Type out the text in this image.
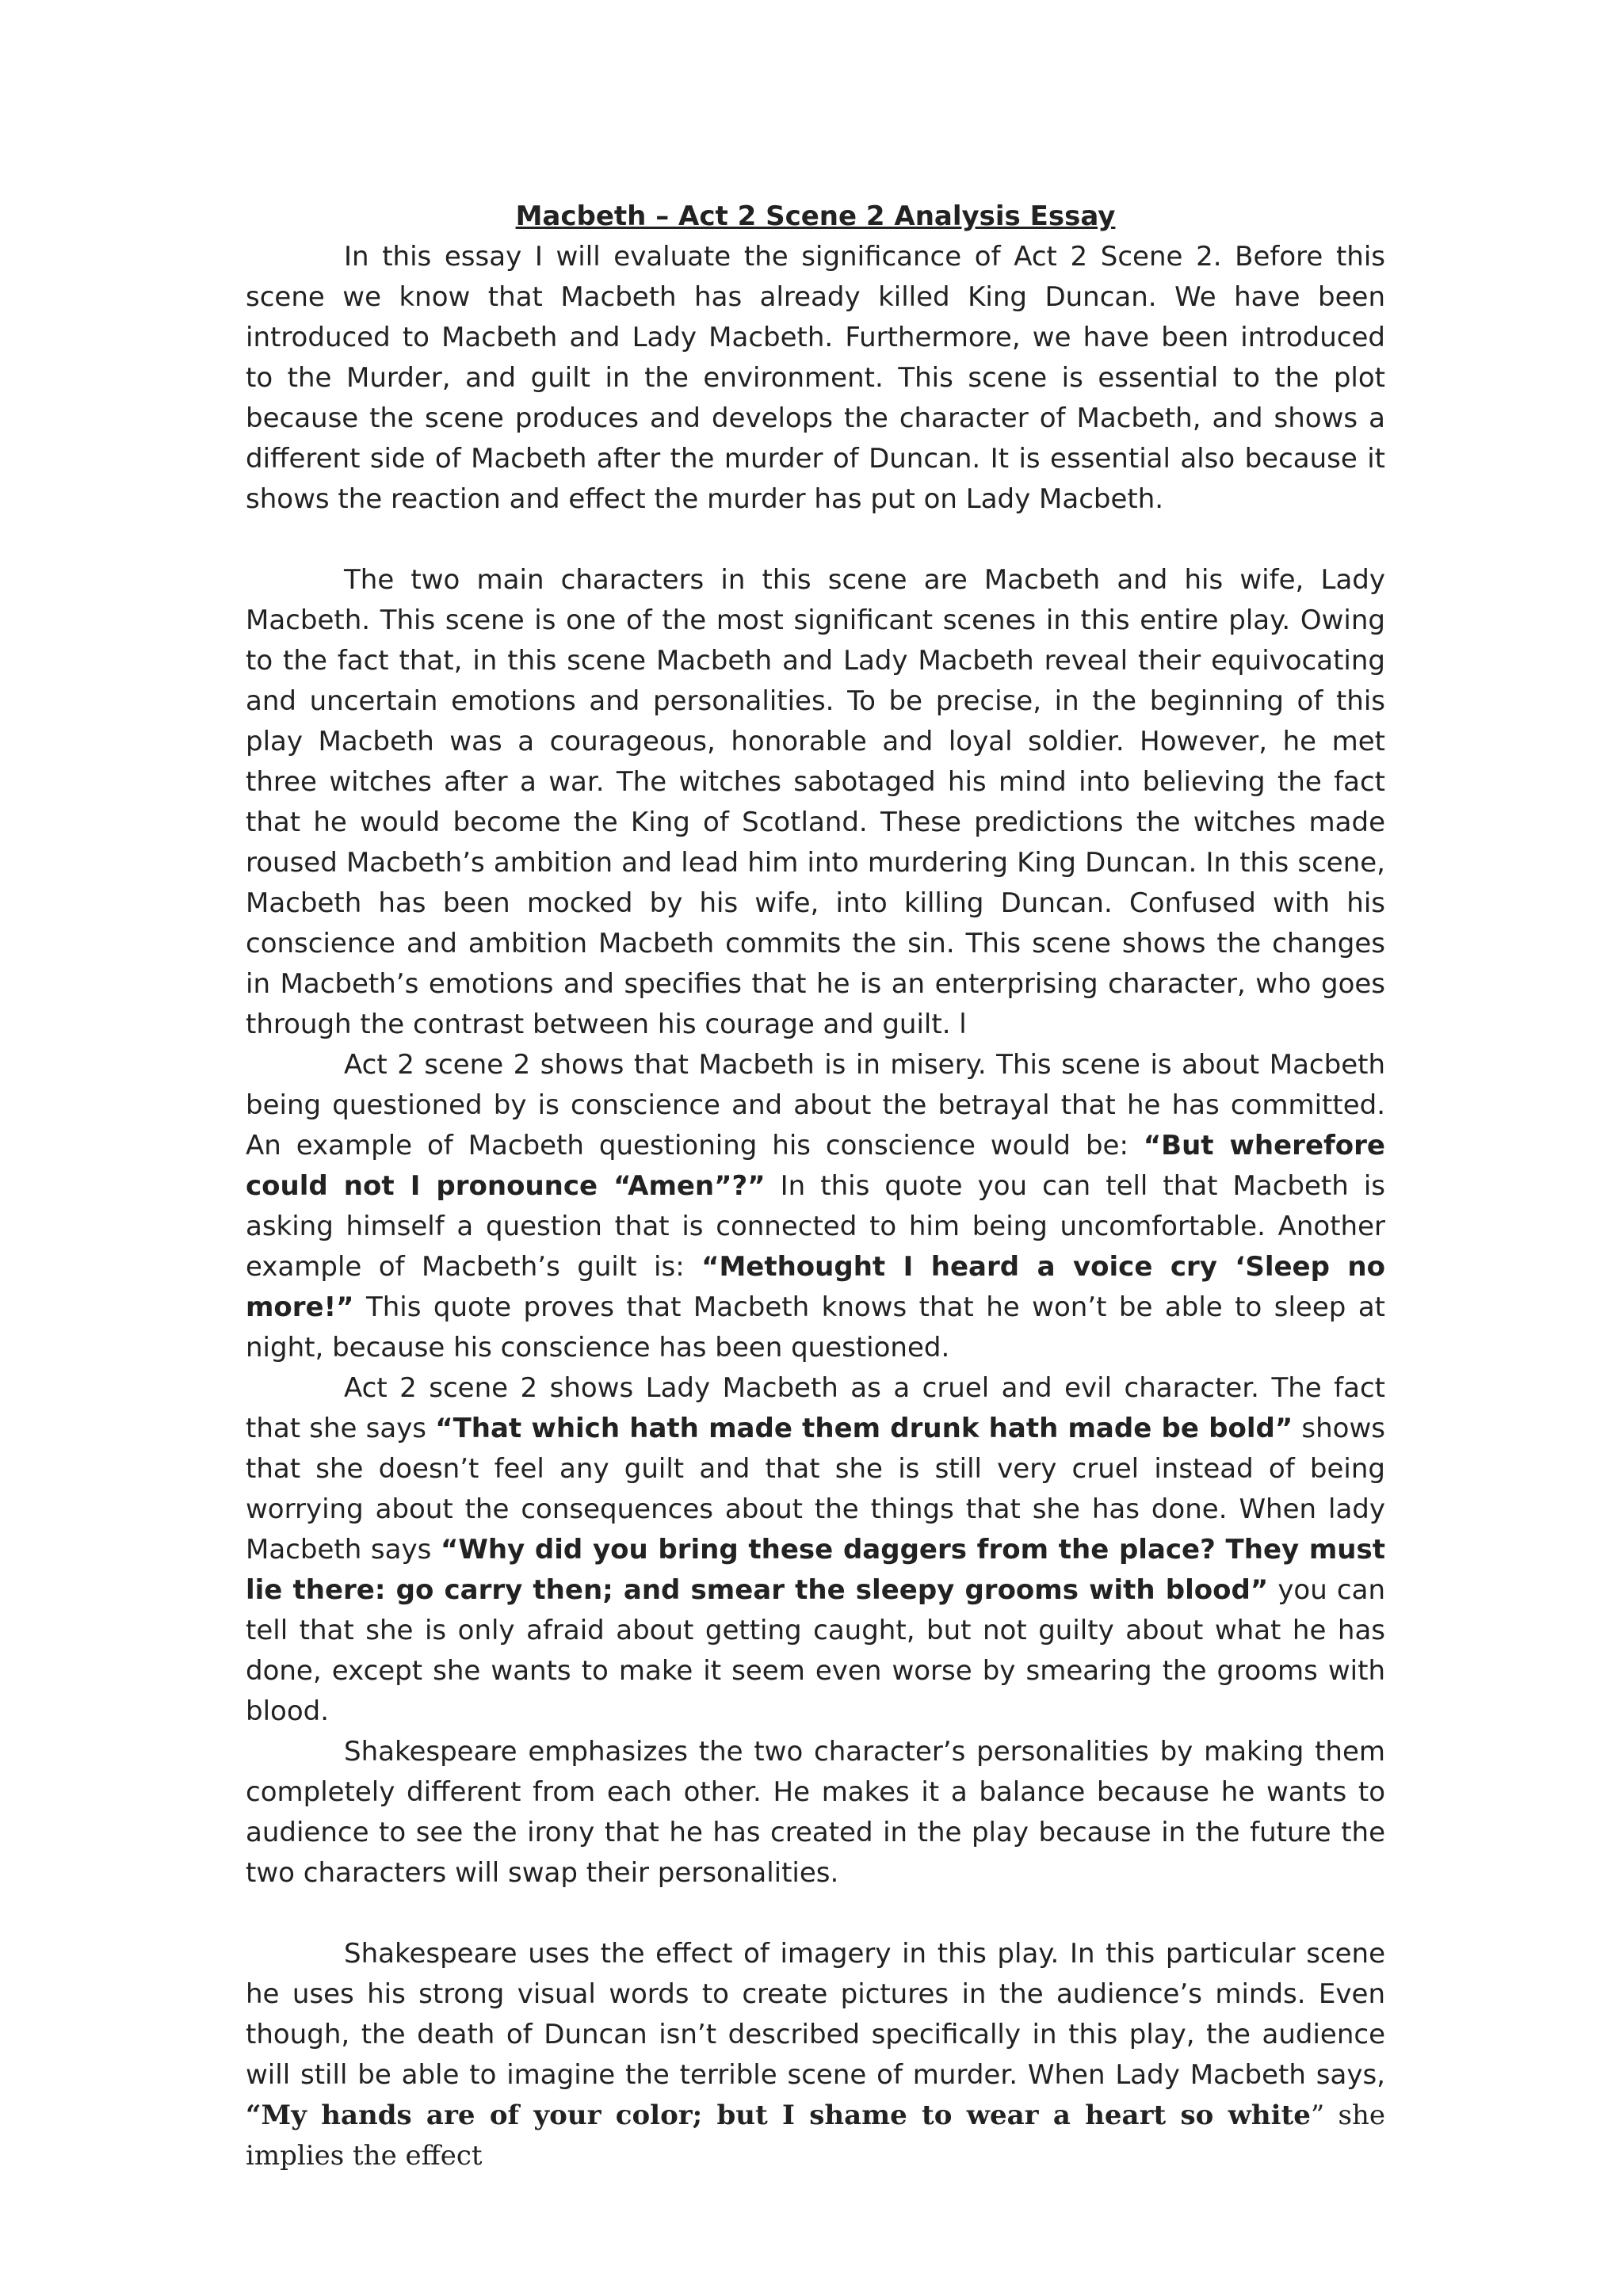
Macbeth – Act 2 Scene 2 Analysis Essay

In this essay I will evaluate the significance of Act 2 Scene 2. Before this scene we know that Macbeth has already killed King Duncan. We have been introduced to Macbeth and Lady Macbeth. Furthermore, we have been introduced to the Murder, and guilt in the environment. This scene is essential to the plot because the scene produces and develops the character of Macbeth, and shows a different side of Macbeth after the murder of Duncan. It is essential also because it shows the reaction and effect the murder has put on Lady Macbeth.

The two main characters in this scene are Macbeth and his wife, Lady Macbeth. This scene is one of the most significant scenes in this entire play. Owing to the fact that, in this scene Macbeth and Lady Macbeth reveal their equivocating and uncertain emotions and personalities. To be precise, in the beginning of this play Macbeth was a courageous, honorable and loyal soldier. However, he met three witches after a war. The witches sabotaged his mind into believing the fact that he would become the King of Scotland. These predictions the witches made roused Macbeth’s ambition and lead him into murdering King Duncan. In this scene, Macbeth has been mocked by his wife, into killing Duncan. Confused with his conscience and ambition Macbeth commits the sin. This scene shows the changes in Macbeth’s emotions and specifies that he is an enterprising character, who goes through the contrast between his courage and guilt. l

Act 2 scene 2 shows that Macbeth is in misery. This scene is about Macbeth being questioned by is conscience and about the betrayal that he has committed. An example of Macbeth questioning his conscience would be: “But wherefore could not I pronounce “Amen”?” In this quote you can tell that Macbeth is asking himself a question that is connected to him being uncomfortable. Another example of Macbeth’s guilt is: “Methought I heard a voice cry ‘Sleep no more!” This quote proves that Macbeth knows that he won’t be able to sleep at night, because his conscience has been questioned.

Act 2 scene 2 shows Lady Macbeth as a cruel and evil character. The fact that she says “That which hath made them drunk hath made be bold” shows that she doesn’t feel any guilt and that she is still very cruel instead of being worrying about the consequences about the things that she has done. When lady Macbeth says “Why did you bring these daggers from the place? They must lie there: go carry then; and smear the sleepy grooms with blood” you can tell that she is only afraid about getting caught, but not guilty about what he has done, except she wants to make it seem even worse by smearing the grooms with blood.

Shakespeare emphasizes the two character’s personalities by making them completely different from each other. He makes it a balance because he wants to audience to see the irony that he has created in the play because in the future the two characters will swap their personalities.

Shakespeare uses the effect of imagery in this play. In this particular scene he uses his strong visual words to create pictures in the audience’s minds. Even though, the death of Duncan isn’t described specifically in this play, the audience will still be able to imagine the terrible scene of murder. When Lady Macbeth says, “My hands are of your color; but I shame to wear a heart so white” she implies the effect
